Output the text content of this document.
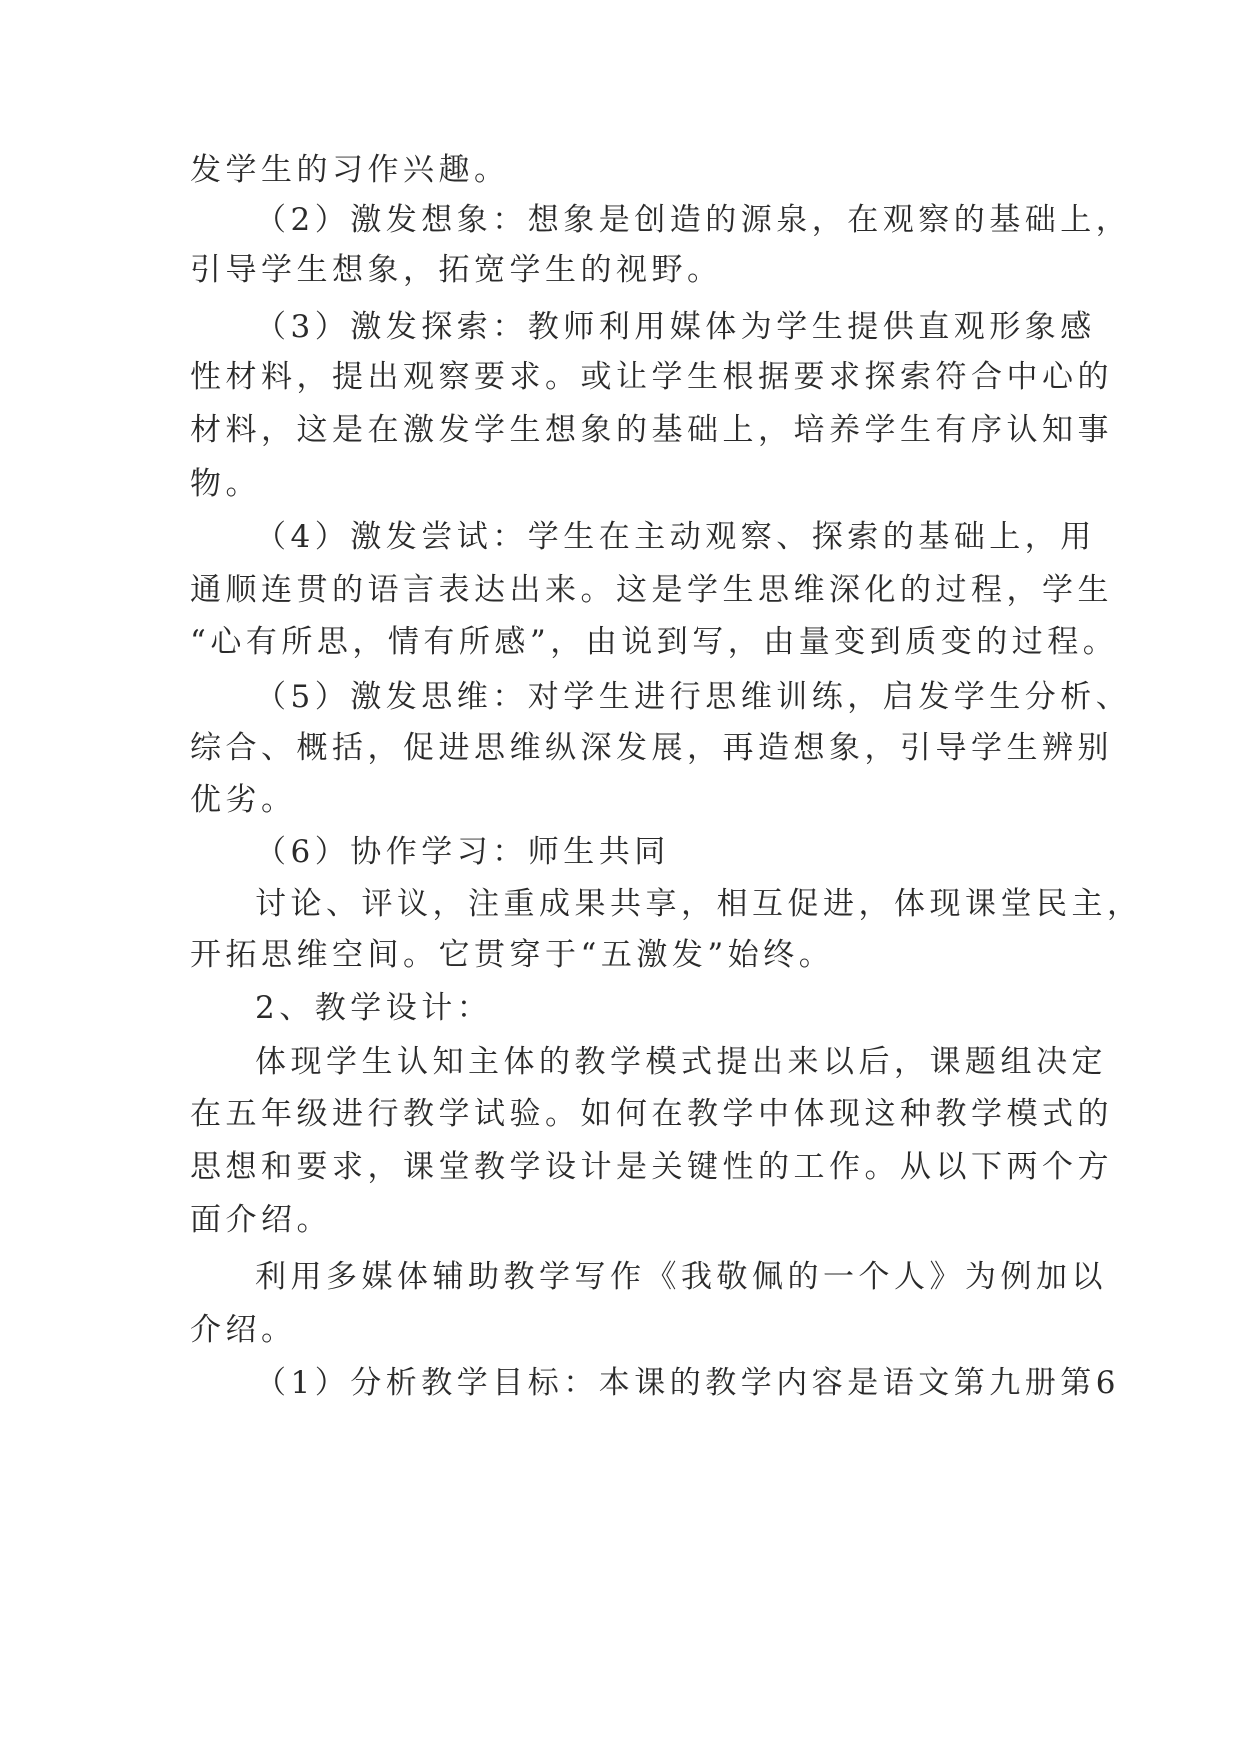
发学生的习作兴趣。
（2）激发想象：想象是创造的源泉，在观察的基础上，
引导学生想象，拓宽学生的视野。
（3）激发探索：教师利用媒体为学生提供直观形象感
性材料，提出观察要求。或让学生根据要求探索符合中心的
材料，这是在激发学生想象的基础上，培养学生有序认知事
物。
（4）激发尝试：学生在主动观察、探索的基础上，用
通顺连贯的语言表达出来。这是学生思维深化的过程，学生
“心有所思，情有所感”，由说到写，由量变到质变的过程。
（5）激发思维：对学生进行思维训练，启发学生分析、
综合、概括，促进思维纵深发展，再造想象，引导学生辨别
优劣。
（6）协作学习：师生共同
讨论、评议，注重成果共享，相互促进，体现课堂民主，
开拓思维空间。它贯穿于“五激发”始终。
2、教学设计：
体现学生认知主体的教学模式提出来以后，课题组决定
在五年级进行教学试验。如何在教学中体现这种教学模式的
思想和要求，课堂教学设计是关键性的工作。从以下两个方
面介绍。
利用多媒体辅助教学写作《我敬佩的一个人》为例加以
介绍。
（1）分析教学目标：本课的教学内容是语文第九册第6
